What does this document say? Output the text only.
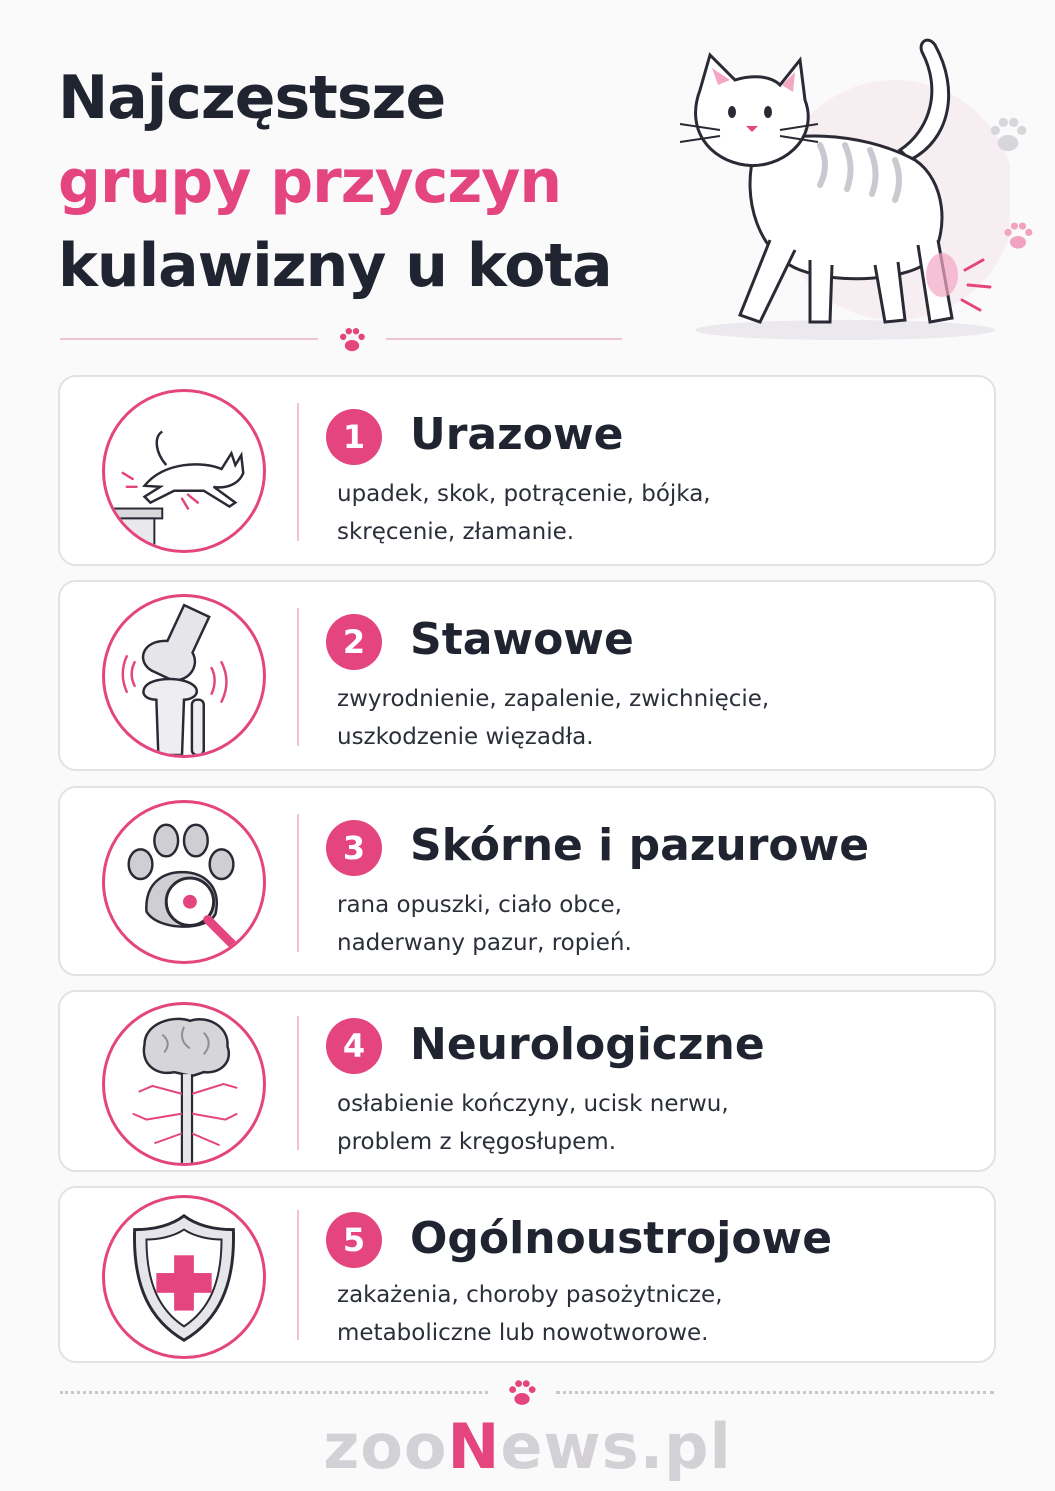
Najczęstsze
grupy przyczyn
kulawizny u kota
1	Urazowe
upadek, skok, potrącenie, bójka,
skręcenie, złamanie.
2	Stawowe
zwyrodnienie, zapalenie, zwichnięcie,
uszkodzenie więzadła.
3	Skórne i pazurowe
rana opuszki, ciało obce,
naderwany pazur, ropień.
4	Neurologiczne
osłabienie kończyny, ucisk nerwu,
problem z kręgosłupem.
5	Ogólnoustrojowe
zakażenia, choroby pasożytnicze,
metaboliczne lub nowotworowe.
zooNews.pl
